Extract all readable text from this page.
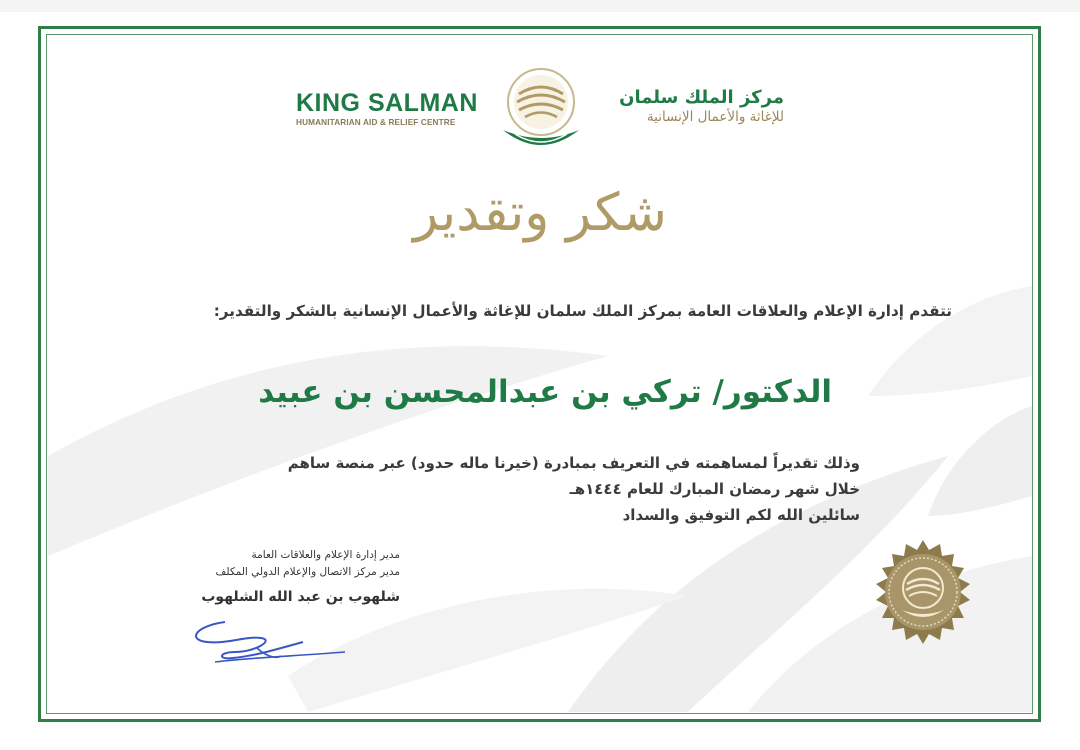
KING SALMAN
HUMANITARIAN AID & RELIEF CENTRE
مركز الملك سلمان
للإغاثة والأعمال الإنسانية
شكر وتقدير
تتقدم إدارة الإعلام والعلاقات العامة بمركز الملك سلمان للإغاثة والأعمال الإنسانية بالشكر والتقدير:
الدكتور/ تركي بن عبدالمحسن بن عبيد
وذلك تقديراً لمساهمته في التعريف بمبادرة (خيرنا ماله حدود) عبر منصة ساهم
خلال شهر رمضان المبارك للعام ١٤٤٤هـ
سائلين الله لكم التوفيق والسداد
مدير إدارة الإعلام والعلاقات العامة
مدير مركز الاتصال والإعلام الدولي المكلف
شلهوب بن عبد الله الشلهوب
